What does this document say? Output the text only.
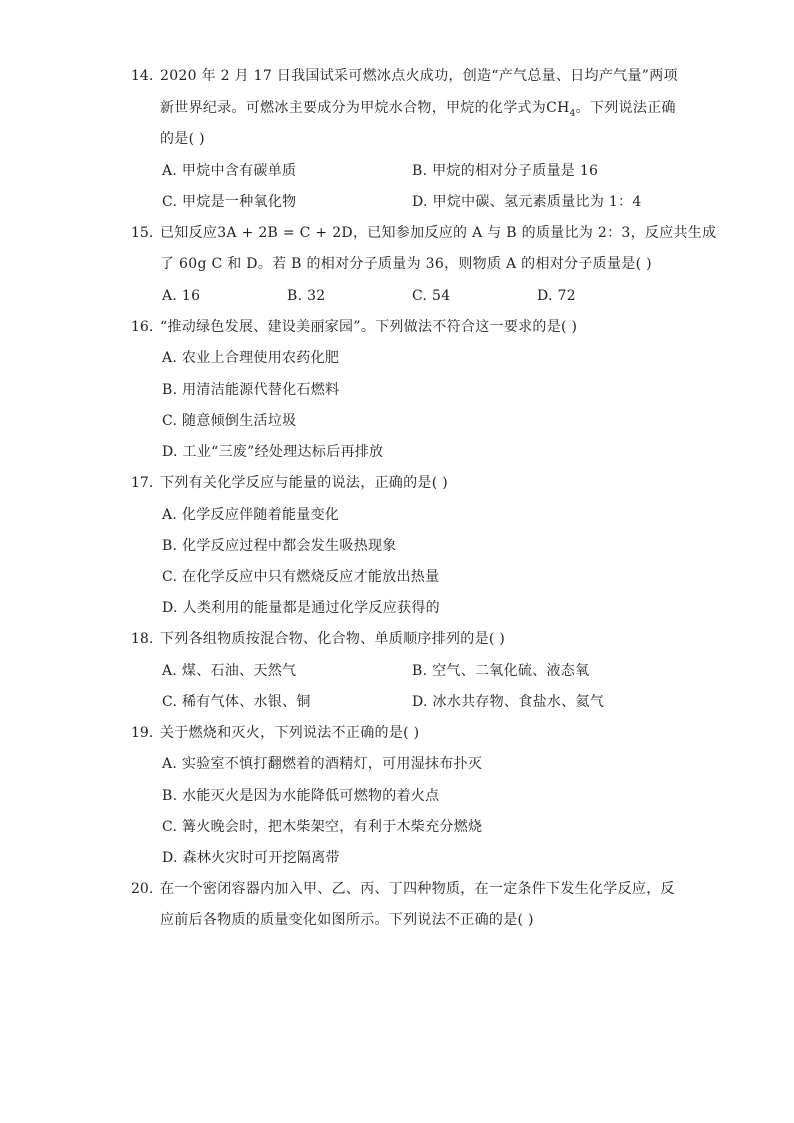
14. 2020 年 2 月 17 日我国试采可燃冰点火成功，创造“产气总量、日均产气量”两项
新世界纪录。可燃冰主要成分为甲烷水合物，甲烷的化学式为$CH_4$。下列说法正确
的是( )
A. 甲烷中含有碳单质	B. 甲烷的相对分子质量是 16
C. 甲烷是一种氧化物	D. 甲烷中碳、氢元素质量比为 1：4
15. 已知反应3A + 2B = C + 2D，已知参加反应的 A 与 B 的质量比为 2：3，反应共生成
了 60g C 和 D。若 B 的相对分子质量为 36，则物质 A 的相对分子质量是( )
A. 16	B. 32	C. 54	D. 72
16. “推动绿色发展、建设美丽家园”。下列做法不符合这一要求的是( )
A. 农业上合理使用农药化肥
B. 用清洁能源代替化石燃料
C. 随意倾倒生活垃圾
D. 工业“三废”经处理达标后再排放
17. 下列有关化学反应与能量的说法，正确的是( )
A. 化学反应伴随着能量变化
B. 化学反应过程中都会发生吸热现象
C. 在化学反应中只有燃烧反应才能放出热量
D. 人类利用的能量都是通过化学反应获得的
18. 下列各组物质按混合物、化合物、单质顺序排列的是( )
A. 煤、石油、天然气	B. 空气、二氧化硫、液态氧
C. 稀有气体、水银、铜	D. 冰水共存物、食盐水、氦气
19. 关于燃烧和灭火，下列说法不正确的是( )
A. 实验室不慎打翻燃着的酒精灯，可用湿抹布扑灭
B. 水能灭火是因为水能降低可燃物的着火点
C. 篝火晚会时，把木柴架空，有利于木柴充分燃烧
D. 森林火灾时可开挖隔离带
20. 在一个密闭容器内加入甲、乙、丙、丁四种物质，在一定条件下发生化学反应，反
应前后各物质的质量变化如图所示。下列说法不正确的是( )
